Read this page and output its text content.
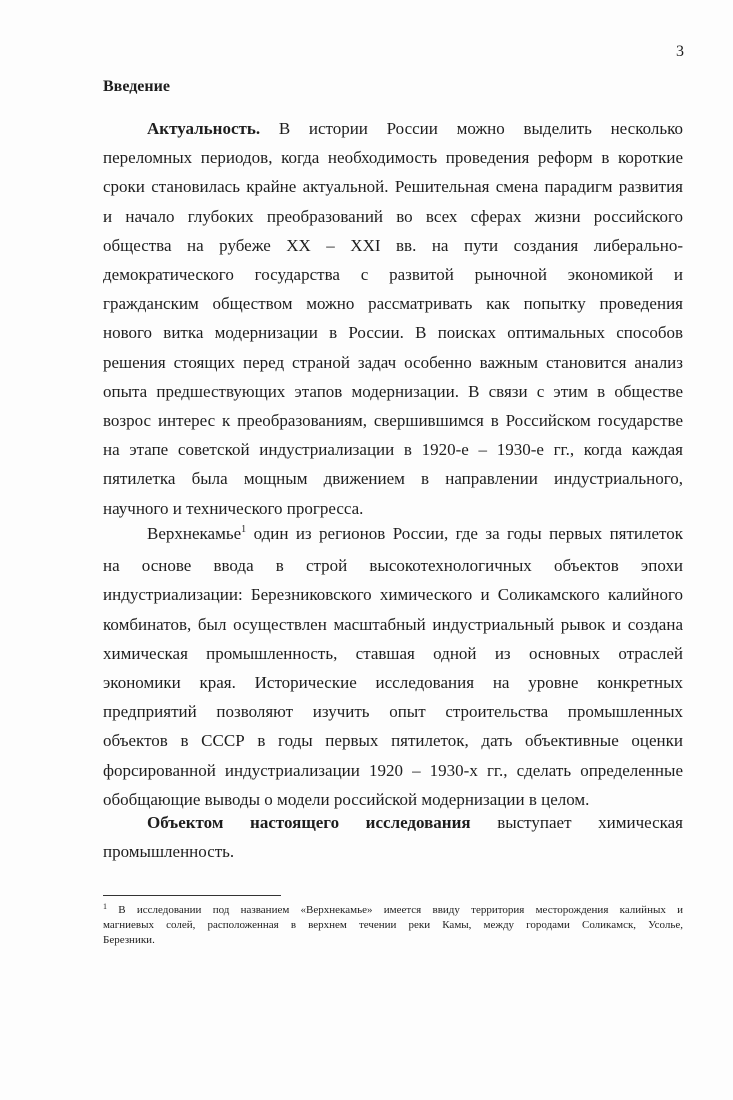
3
Введение
Актуальность. В истории России можно выделить несколько
переломных периодов, когда необходимость проведения реформ в короткие
сроки становилась крайне актуальной. Решительная смена парадигм развития
и начало глубоких преобразований во всех сферах жизни российского
общества на рубеже XX – XXI вв. на пути создания либерально-
демократического государства с развитой рыночной экономикой и
гражданским обществом можно рассматривать как попытку проведения
нового витка модернизации в России. В поисках оптимальных способов
решения стоящих перед страной задач особенно важным становится анализ
опыта предшествующих этапов модернизации. В связи с этим в обществе
возрос интерес к преобразованиям, свершившимся в Российском государстве
на этапе советской индустриализации в 1920-е – 1930-е гг., когда каждая
пятилетка была мощным движением в направлении индустриального,
научного и технического прогресса.
Верхнекамье$^1$ один из регионов России, где за годы первых пятилеток
на основе ввода в строй высокотехнологичных объектов эпохи
индустриализации: Березниковского химического и Соликамского калийного
комбинатов, был осуществлен масштабный индустриальный рывок и создана
химическая промышленность, ставшая одной из основных отраслей
экономики края. Исторические исследования на уровне конкретных
предприятий позволяют изучить опыт строительства промышленных
объектов в СССР в годы первых пятилеток, дать объективные оценки
форсированной индустриализации 1920 – 1930-х гг., сделать определенные
обобщающие выводы о модели российской модернизации в целом.
Объектом настоящего исследования выступает химическая
промышленность.
$^1$ В исследовании под названием «Верхнекамье» имеется ввиду территория месторождения калийных и
магниевых солей, расположенная в верхнем течении реки Камы, между городами Соликамск, Усолье,
Березники.
